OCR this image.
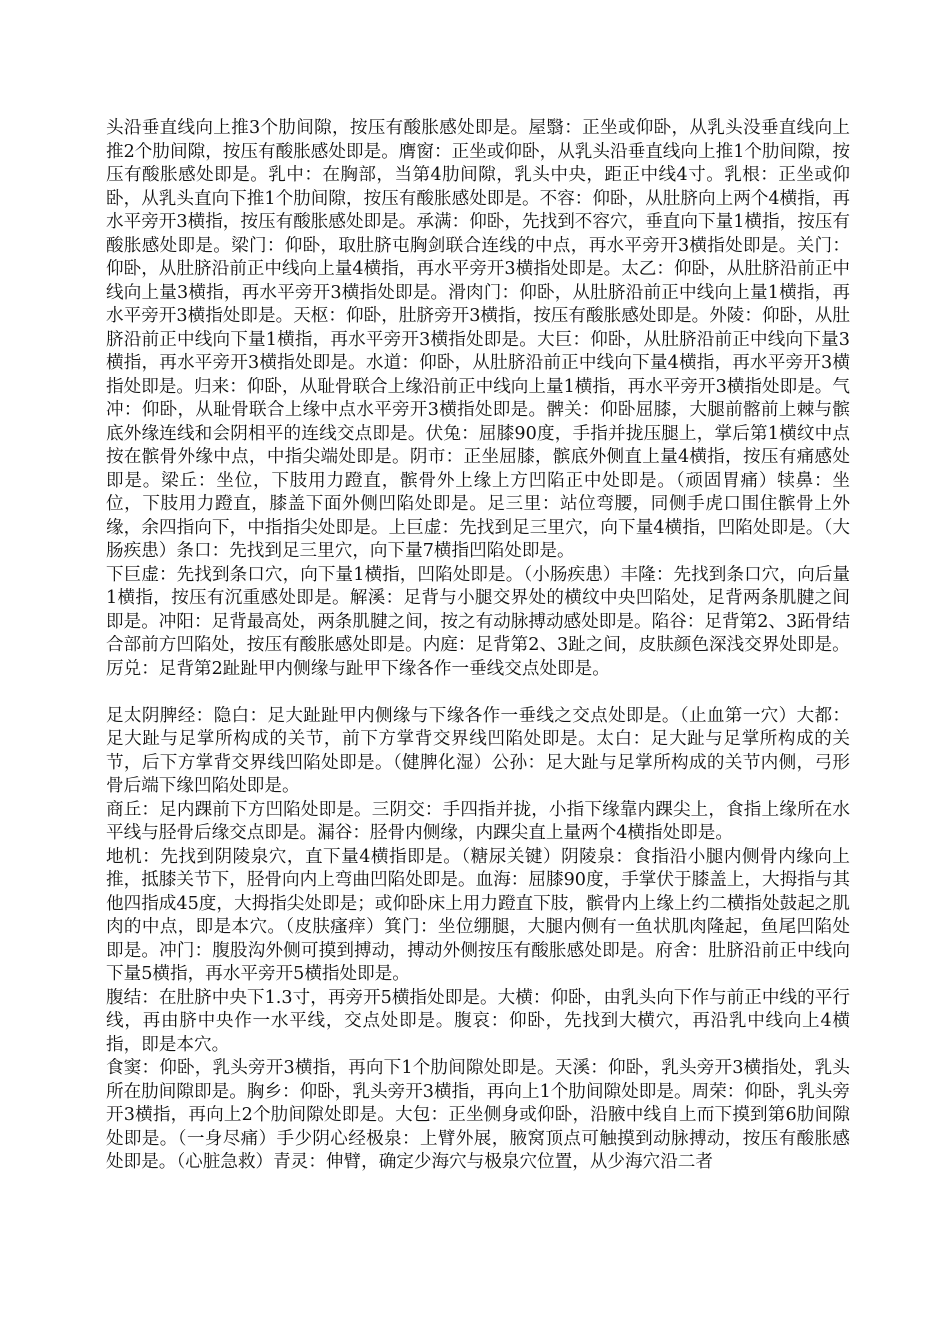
头沿垂直线向上推3个肋间隙，按压有酸胀感处即是。屋翳：正坐或仰卧，从乳头没垂直线向上推2个肋间隙，按压有酸胀感处即是。膺窗：正坐或仰卧，从乳头沿垂直线向上推1个肋间隙，按压有酸胀感处即是。乳中：在胸部，当第4肋间隙，乳头中央，距正中线4寸。乳根：正坐或仰卧，从乳头直向下推1个肋间隙，按压有酸胀感处即是。不容：仰卧，从肚脐向上两个4横指，再水平旁开3横指，按压有酸胀感处即是。承满：仰卧，先找到不容穴，垂直向下量1横指，按压有酸胀感处即是。梁门：仰卧，取肚脐屯胸剑联合连线的中点，再水平旁开3横指处即是。关门：仰卧，从肚脐沿前正中线向上量4横指，再水平旁开3横指处即是。太乙：仰卧，从肚脐沿前正中线向上量3横指，再水平旁开3横指处即是。滑肉门：仰卧，从肚脐沿前正中线向上量1横指，再水平旁开3横指处即是。天枢：仰卧，肚脐旁开3横指，按压有酸胀感处即是。外陵：仰卧，从肚脐沿前正中线向下量1横指，再水平旁开3横指处即是。大巨：仰卧，从肚脐沿前正中线向下量3横指，再水平旁开3横指处即是。水道：仰卧，从肚脐沿前正中线向下量4横指，再水平旁开3横指处即是。归来：仰卧，从耻骨联合上缘沿前正中线向上量1横指，再水平旁开3横指处即是。气冲：仰卧，从耻骨联合上缘中点水平旁开3横指处即是。髀关：仰卧屈膝，大腿前髂前上棘与髌底外缘连线和会阴相平的连线交点即是。伏兔：屈膝90度，手指并拢压腿上，掌后第1横纹中点按在髌骨外缘中点，中指尖端处即是。阴市：正坐屈膝，髌底外侧直上量4横指，按压有痛感处即是。梁丘：坐位，下肢用力蹬直，髌骨外上缘上方凹陷正中处即是。（顽固胃痛）犊鼻：坐位，下肢用力蹬直，膝盖下面外侧凹陷处即是。足三里：站位弯腰，同侧手虎口围住髌骨上外缘，余四指向下，中指指尖处即是。上巨虚：先找到足三里穴，向下量4横指，凹陷处即是。（大肠疾患）条口：先找到足三里穴，向下量7横指凹陷处即是。

下巨虚：先找到条口穴，向下量1横指，凹陷处即是。（小肠疾患）丰隆：先找到条口穴，向后量1横指，按压有沉重感处即是。解溪：足背与小腿交界处的横纹中央凹陷处，足背两条肌腱之间即是。冲阳：足背最高处，两条肌腱之间，按之有动脉搏动感处即是。陷谷：足背第2、3跖骨结合部前方凹陷处，按压有酸胀感处即是。内庭：足背第2、3趾之间，皮肤颜色深浅交界处即是。

厉兑：足背第2趾趾甲内侧缘与趾甲下缘各作一垂线交点处即是。

足太阴脾经：隐白：足大趾趾甲内侧缘与下缘各作一垂线之交点处即是。（止血第一穴）大都：足大趾与足掌所构成的关节，前下方掌背交界线凹陷处即是。太白：足大趾与足掌所构成的关节，后下方掌背交界线凹陷处即是。（健脾化湿）公孙：足大趾与足掌所构成的关节内侧，弓形骨后端下缘凹陷处即是。

商丘：足内踝前下方凹陷处即是。三阴交：手四指并拢，小指下缘靠内踝尖上，食指上缘所在水平线与胫骨后缘交点即是。漏谷：胫骨内侧缘，内踝尖直上量两个4横指处即是。

地机：先找到阴陵泉穴，直下量4横指即是。（糖尿关键）阴陵泉：食指沿小腿内侧骨内缘向上推，抵膝关节下，胫骨向内上弯曲凹陷处即是。血海：屈膝90度，手掌伏于膝盖上，大拇指与其他四指成45度，大拇指尖处即是；或仰卧床上用力蹬直下肢，髌骨内上缘上约二横指处鼓起之肌肉的中点，即是本穴。（皮肤瘙痒）箕门：坐位绷腿，大腿内侧有一鱼状肌肉隆起，鱼尾凹陷处即是。冲门：腹股沟外侧可摸到搏动，搏动外侧按压有酸胀感处即是。府舍：肚脐沿前正中线向下量5横指，再水平旁开5横指处即是。

腹结：在肚脐中央下1.3寸，再旁开5横指处即是。大横：仰卧，由乳头向下作与前正中线的平行线，再由脐中央作一水平线，交点处即是。腹哀：仰卧，先找到大横穴，再沿乳中线向上4横指，即是本穴。

食窦：仰卧，乳头旁开3横指，再向下1个肋间隙处即是。天溪：仰卧，乳头旁开3横指处，乳头所在肋间隙即是。胸乡：仰卧，乳头旁开3横指，再向上1个肋间隙处即是。周荣：仰卧，乳头旁开3横指，再向上2个肋间隙处即是。大包：正坐侧身或仰卧，沿腋中线自上而下摸到第6肋间隙处即是。（一身尽痛）手少阴心经极泉：上臂外展，腋窝顶点可触摸到动脉搏动，按压有酸胀感处即是。（心脏急救）青灵：伸臂，确定少海穴与极泉穴位置，从少海穴沿二者
